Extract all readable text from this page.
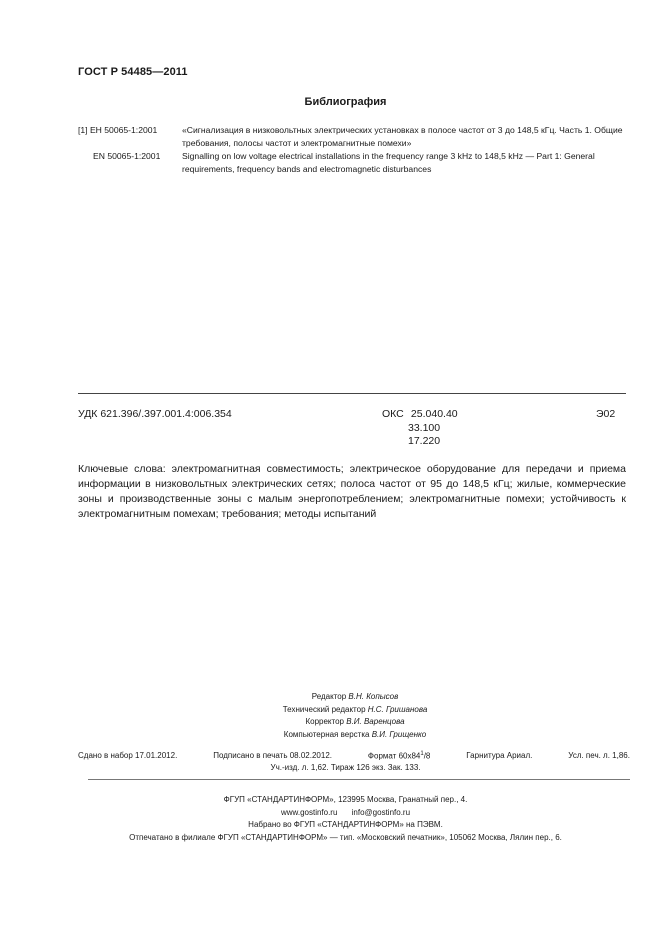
ГОСТ Р 54485—2011
Библиография
[1] ЕН 50065-1:2001	«Сигнализация в низковольтных электрических установках в полосе частот от 3 до 148,5 кГц. Часть 1. Общие требования, полосы частот и электромагнитные помехи»
EN 50065-1:2001	Signalling on low voltage electrical installations in the frequency range 3 kHz to 148,5 kHz — Part 1: General requirements, frequency bands and electromagnetic disturbances
УДК 621.396/.397.001.4:006.354	ОКС 25.040.40
33.100
17.220
Э02
Ключевые слова: электромагнитная совместимость; электрическое оборудование для передачи и приема информации в низковольтных электрических сетях; полоса частот от 95 до 148,5 кГц; жилые, коммерческие зоны и производственные зоны с малым энергопотреблением; электромагнитные помехи; устойчивость к электромагнитным помехам; требования; методы испытаний
Редактор В.Н. Копысов
Технический редактор Н.С. Гришанова
Корректор В.И. Варенцова
Компьютерная верстка В.И. Грищенко
Сдано в набор 17.01.2012.	Подписано в печать 08.02.2012.	Формат $60х84^1/8$	Гарнитура Ариал.	Усл. печ. л. 1,86.
Уч.-изд. л. 1,62. Тираж 126 экз. Зак. 133.
ФГУП «СТАНДАРТИНФОРМ», 123995 Москва, Гранатный пер., 4.
www.gostinfo.ru info@gostinfo.ru
Набрано во ФГУП «СТАНДАРТИНФОРМ» на ПЭВМ.
Отпечатано в филиале ФГУП «СТАНДАРТИНФОРМ» — тип. «Московский печатник», 105062 Москва, Лялин пер., 6.
